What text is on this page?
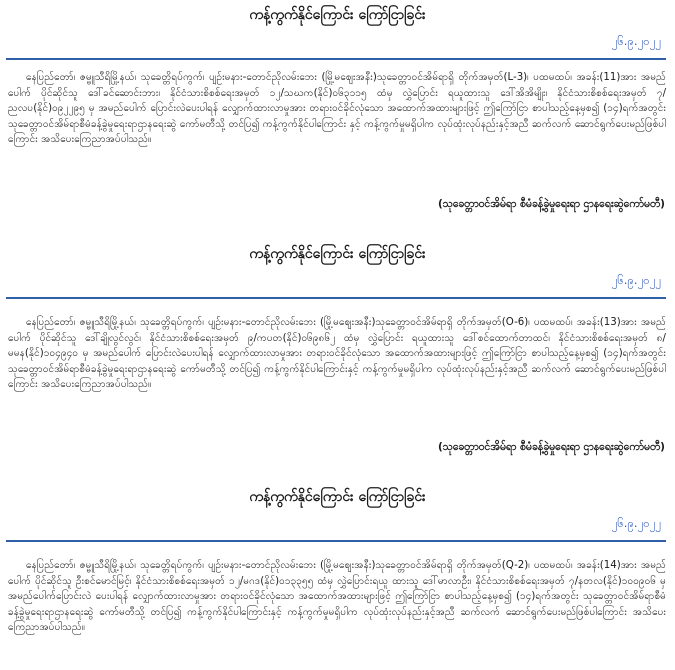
ကန့်ကွက်နိုင်ကြောင်း ကြော်ငြာခြင်း
၂၆.၉.၂၀၂၂

နေပြည်တော်၊ ဇမ္ဗူသီရိမြို့နယ်၊ သုခေတ္တိရပ်ကွက်၊ ပျဉ်းမနား-တောင်ညိုလမ်းဘေး (မြို့မဈေးအနီး)သုခေတ္တာဝင်အိမ်ရာရှိ တိုက်အမှတ်(L-3)၊ ပထမထပ်၊ အခန်း(11)အား အမည်ပေါက် ပိုင်ဆိုင်သူ ဒေါ်ခင်ဆောင်းဘား၊ နိုင်ငံသားစိစစ်ရေးအမှတ် ၁၂/သဃက(နိုင်)၀၆၃၁၁၅ ထံမှ လွှဲပြောင်း ရယူထားသူ ဒေါ်အိအိမျိုး၊ နိုင်ငံသားစိစစ်ရေးအမှတ် ၇/ညလပ(နိုင်)၀၉၂၂၉၅ မှ အမည်ပေါက် ပြောင်းလဲပေးပါရန် လျှောက်ထားလာမှုအား တရားဝင်ခိုင်လုံသော အထောက်အထားများဖြင့် ဤကြော်ငြာ စာပါသည့်နေ့မှစ၍ (၁၄)ရက်အတွင်း သုခေတ္တာဝင်အိမ်ရာစီမံခန့်ခွဲမှုရေးရာဌာနရေးဆွဲ ကော်မတီသို့ တင်ပြ၍ ကန့်ကွက်နိုင်ပါကြောင်း နှင့် ကန့်ကွက်မှုမရှိပါက လုပ်ထုံးလုပ်နည်းနှင့်အညီ ဆက်လက် ဆောင်ရွက်ပေးမည်ဖြစ်ပါကြောင်း အသိပေးကြေညာအပ်ပါသည်။

(သုခေတ္တာဝင်အိမ်ရာ စီမံခန့်ခွဲမှုရေးရာ ဌာနရေးဆွဲကော်မတီ)
ကန့်ကွက်နိုင်ကြောင်း ကြော်ငြာခြင်း
၂၆.၉.၂၀၂၂

နေပြည်တော်၊ ဇမ္ဗူသီရိမြို့နယ်၊ သုခေတ္တိရပ်ကွက်၊ ပျဉ်းမနား-တောင်ညိုလမ်းဘေး (မြို့မဈေးအနီး)သုခေတ္တာဝင်အိမ်ရာရှိ တိုက်အမှတ်(O-6)၊ ပထမထပ်၊ အခန်း(13)အား အမည်ပေါက် ပိုင်ဆိုင်သူ ဒေါ်ချိုလွင်လွင်၊ နိုင်ငံသားစိစစ်ရေးအမှတ် ၉/ကပတ(နိုင်)၀၆၉၈၆၂ ထံမှ လွှဲပြောင်း ရယူထားသူ ဒေါ်စင်ထောက်တာထင်၊ နိုင်ငံသားစိစစ်ရေးအမှတ် ၈/မမန(နိုင်)၁၀၄၉၄၀ မှ အမည်ပေါက် ပြောင်းလဲပေးပါရန် လျှောက်ထားလာမှုအား တရားဝင်ခိုင်လုံသော အထောက်အထားများဖြင့် ဤကြော်ငြာ စာပါသည့်နေ့မှစ၍ (၁၄)ရက်အတွင်း သုခေတ္တာဝင်အိမ်ရာစီမံခန့်ခွဲမှုရေးရာဌာနရေးဆွဲ ကော်မတီသို့ တင်ပြ၍ ကန့်ကွက်နိုင်ပါကြောင်းနှင့် ကန့်ကွက်မှုမရှိပါက လုပ်ထုံးလုပ်နည်းနှင့်အညီ ဆက်လက် ဆောင်ရွက်ပေးမည်ဖြစ်ပါကြောင်း အသိပေးကြေညာအပ်ပါသည်။

(သုခေတ္တာဝင်အိမ်ရာ စီမံခန့်ခွဲမှုရေးရာ ဌာနရေးဆွဲကော်မတီ)
ကန့်ကွက်နိုင်ကြောင်း ကြော်ငြာခြင်း
၂၆.၉.၂၀၂၂

နေပြည်တော်၊ ဇမ္ဗူသီရိမြို့နယ်၊ သုခေတ္တိရပ်ကွက်၊ ပျဉ်းမနား-တောင်ညိုလမ်းဘေး (မြို့မဈေးအနီး)သုခေတ္တာဝင်အိမ်ရာရှိ တိုက်အမှတ်(Q-2)၊ ပထမထပ်၊ အခန်း(14)အား အမည်ပေါက် ပိုင်ဆိုင်သူ ဦးစင်မောင်မြင့်၊ နိုင်ငံသားစိစစ်ရေးအမှတ် ၁၂/မဂဒ(နိုင်)၀၁၃၃၅၅ ထံမှ လွှဲပြောင်းရယူ ထားသူ ဒေါ်မာလာဦး၊ နိုင်ငံသားစိစစ်ရေးအမှတ် ၇/နတလ(နိုင်)၁၀၀၉၀၆ မှ အမည်ပေါက်ပြောင်းလဲ ပေးပါရန် လျှောက်ထားလာမှုအား တရားဝင်ခိုင်လုံသော အထောက်အထားများဖြင့် ဤကြော်ငြာ စာပါသည့်နေ့မှစ၍ (၁၄)ရက်အတွင်း သုခေတ္တာဝင်အိမ်ရာစီမံခန့်ခွဲမှုရေးရာဌာနရေးဆွဲ ကော်မတီသို့ တင်ပြ၍ ကန့်ကွက်နိုင်ပါကြောင်းနှင့် ကန့်ကွက်မှုမရှိပါက လုပ်ထုံးလုပ်နည်းနှင့်အညီ ဆက်လက် ဆောင်ရွက်ပေးမည်ဖြစ်ပါကြောင်း အသိပေးကြေညာအပ်ပါသည်။
